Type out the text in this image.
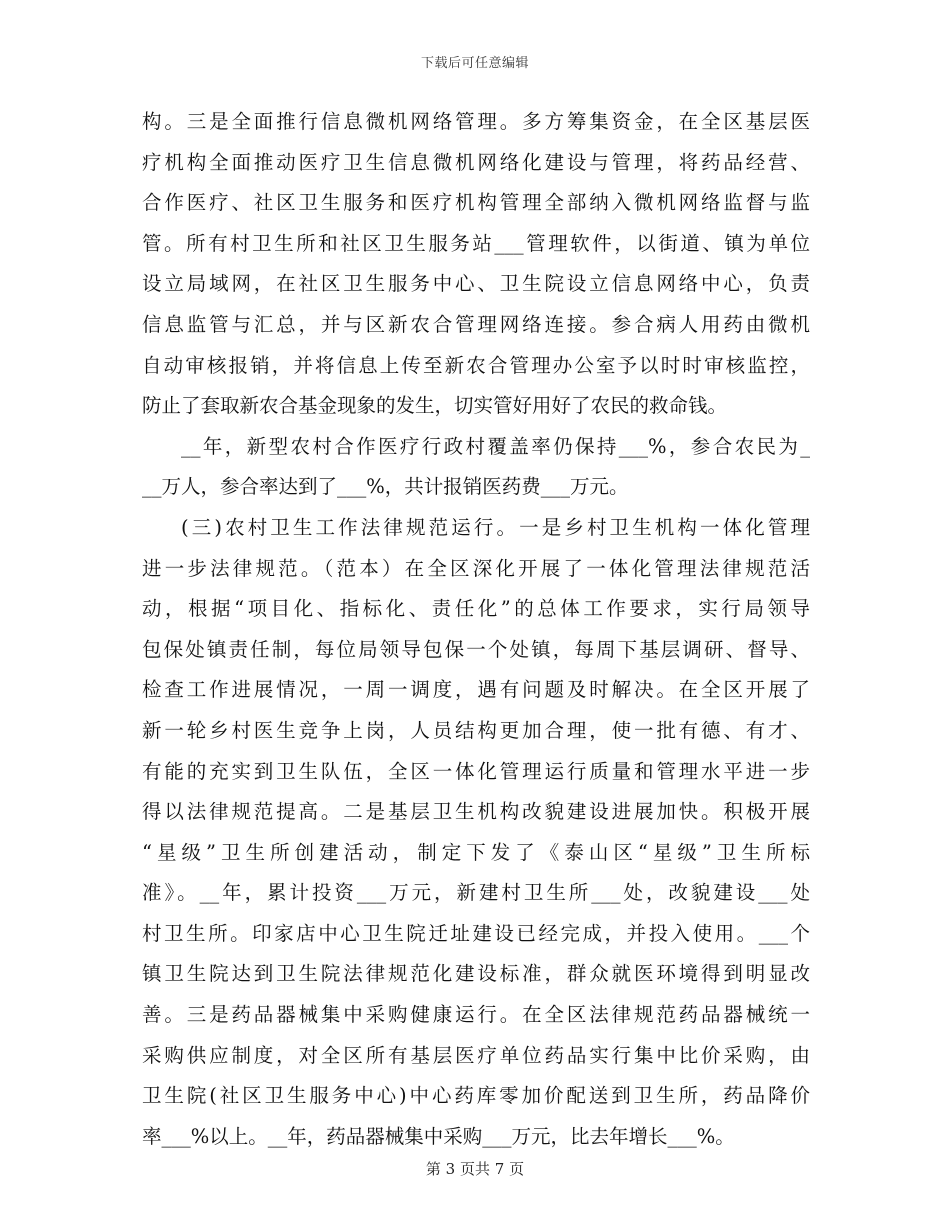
下载后可任意编辑
构。三是全面推行信息微机网络管理。多方筹集资金，在全区基层医
疗机构全面推动医疗卫生信息微机网络化建设与管理，将药品经营、
合作医疗、社区卫生服务和医疗机构管理全部纳入微机网络监督与监
管。所有村卫生所和社区卫生服务站___管理软件，以街道、镇为单位
设立局域网，在社区卫生服务中心、卫生院设立信息网络中心，负责
信息监管与汇总，并与区新农合管理网络连接。参合病人用药由微机
自动审核报销，并将信息上传至新农合管理办公室予以时时审核监控，
防止了套取新农合基金现象的发生，切实管好用好了农民的救命钱。
__年，新型农村合作医疗行政村覆盖率仍保持___%，参合农民为_
__万人，参合率达到了___%，共计报销医药费___万元。
(三)农村卫生工作法律规范运行。一是乡村卫生机构一体化管理
进一步法律规范。（范本）在全区深化开展了一体化管理法律规范活
动，根据“项目化、指标化、责任化”的总体工作要求，实行局领导
包保处镇责任制，每位局领导包保一个处镇，每周下基层调研、督导、
检查工作进展情况，一周一调度，遇有问题及时解决。在全区开展了
新一轮乡村医生竞争上岗，人员结构更加合理，使一批有德、有才、
有能的充实到卫生队伍，全区一体化管理运行质量和管理水平进一步
得以法律规范提高。二是基层卫生机构改貌建设进展加快。积极开展
“星级”卫生所创建活动，制定下发了《泰山区“星级”卫生所标
准》。__年，累计投资___万元，新建村卫生所___处，改貌建设___处
村卫生所。印家店中心卫生院迁址建设已经完成，并投入使用。___个
镇卫生院达到卫生院法律规范化建设标准，群众就医环境得到明显改
善。三是药品器械集中采购健康运行。在全区法律规范药品器械统一
采购供应制度，对全区所有基层医疗单位药品实行集中比价采购，由
卫生院(社区卫生服务中心)中心药库零加价配送到卫生所，药品降价
率___%以上。__年，药品器械集中采购___万元，比去年增长___%。
第 3 页共 7 页
